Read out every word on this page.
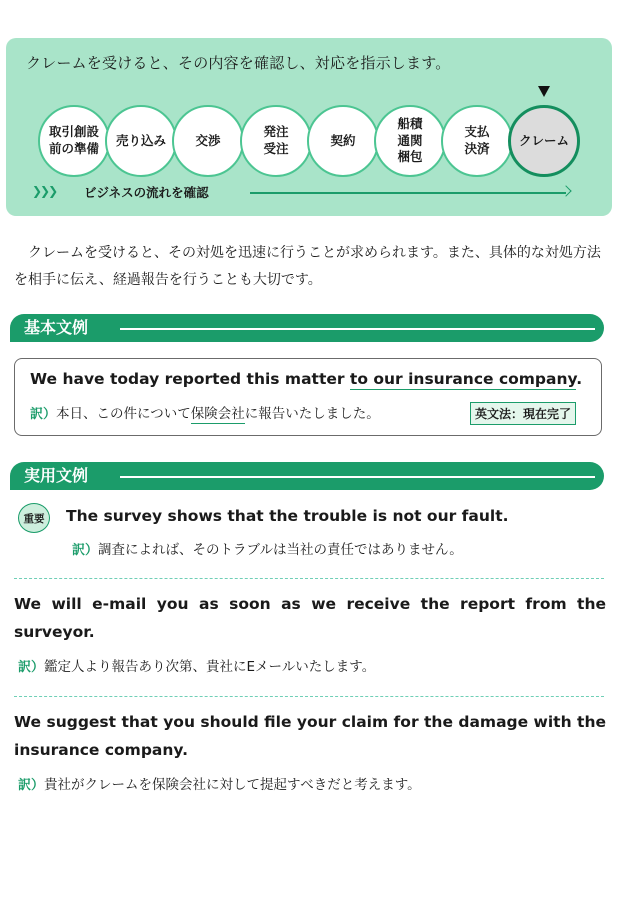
クレームを受けると、その内容を確認し、対応を指示します。
取引創設
前の準備
売り込み	交渉
発注
受注
契約
船積
通関
梱包
支払
決済
クレーム
❯❯❯ ビジネスの流れを確認
クレームを受けると、その対処を迅速に行うことが求められます。また、具体的な対処方法を相手に伝え、経過報告を行うことも大切です。
基本文例
We have today reported this matter to our insurance company.
訳）本日、この件について保険会社に報告いたしました。	英文法：現在完了
実用文例
重要	The survey shows that the trouble is not our fault.
訳）調査によれば、そのトラブルは当社の責任ではありません。
We will e-mail you as soon as we receive the report from the surveyor.
訳）鑑定人より報告あり次第、貴社にEメールいたします。
We suggest that you should file your claim for the damage with the insurance company.
訳）貴社がクレームを保険会社に対して提起すべきだと考えます。
